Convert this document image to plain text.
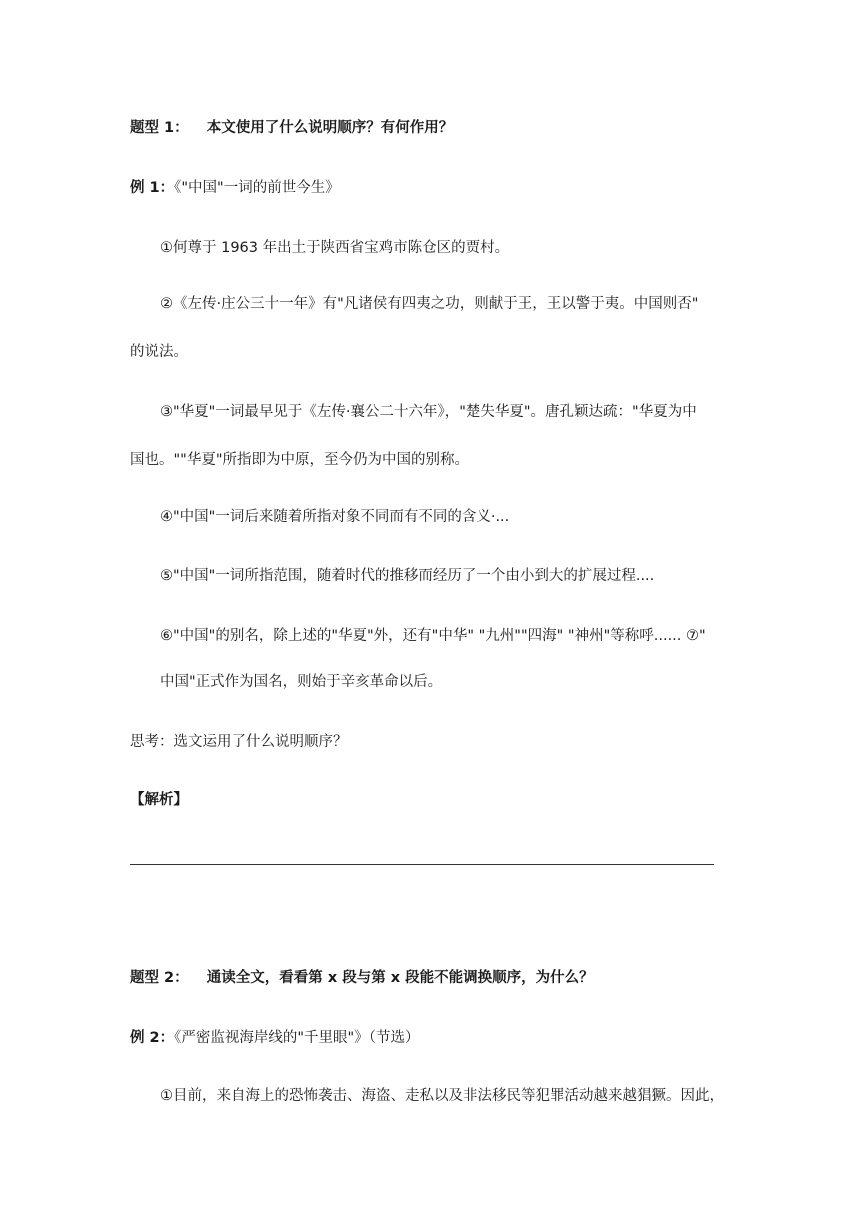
题型 1： 本文使用了什么说明顺序？有何作用？
例 1：《"中国"一词的前世今生》
①何尊于 1963 年出土于陕西省宝鸡市陈仓区的贾村。
②《左传·庄公三十一年》有"凡诸侯有四夷之功，则献于王，王以警于夷。中国则否"
的说法。
③"华夏"一词最早见于《左传·襄公二十六年》，"楚失华夏"。唐孔颖达疏："华夏为中
国也。""华夏"所指即为中原，至今仍为中国的别称。
④"中国"一词后来随着所指对象不同而有不同的含义·...
⑤"中国"一词所指范围，随着时代的推移而经历了一个由小到大的扩展过程....
⑥"中国"的别名，除上述的"华夏"外，还有"中华" "九州""四海" "神州"等称呼...... ⑦"
中国"正式作为国名，则始于辛亥革命以后。
思考：选文运用了什么说明顺序？
【解析】
题型 2： 通读全文，看看第 x 段与第 x 段能不能调换顺序，为什么？
例 2：《严密监视海岸线的"千里眼"》（节选）
①目前，来自海上的恐怖袭击、海盗、走私以及非法移民等犯罪活动越来越猖獗。因此，
